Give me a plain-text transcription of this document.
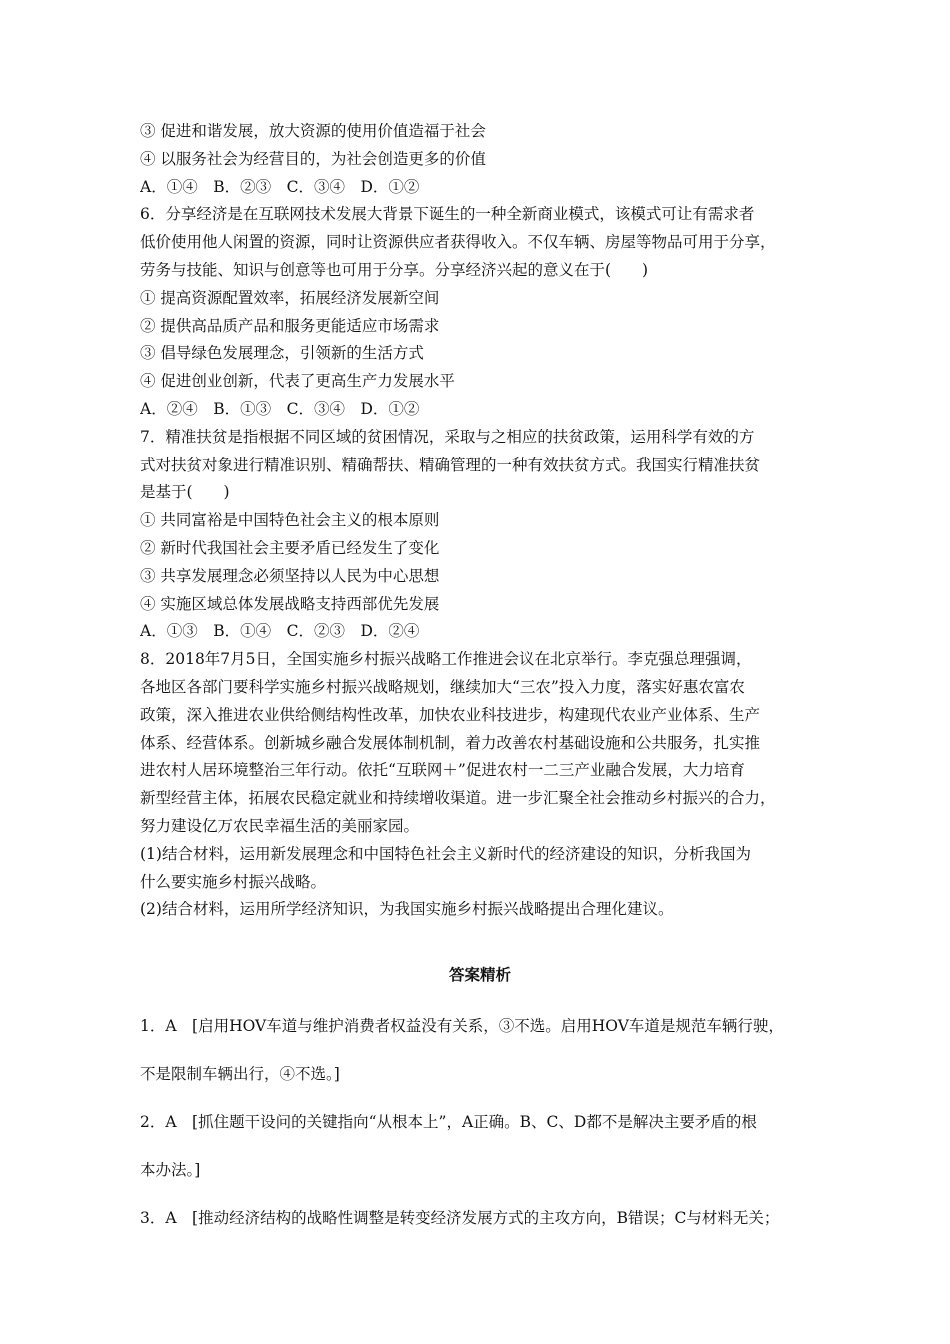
③ 促进和谐发展，放大资源的使用价值造福于社会
④ 以服务社会为经营目的，为社会创造更多的价值
A．①④　B．②③　C．③④　D．①②
6．分享经济是在互联网技术发展大背景下诞生的一种全新商业模式，该模式可让有需求者
低价使用他人闲置的资源，同时让资源供应者获得收入。不仅车辆、房屋等物品可用于分享，
劳务与技能、知识与创意等也可用于分享。分享经济兴起的意义在于(　　)
① 提高资源配置效率，拓展经济发展新空间
② 提供高品质产品和服务更能适应市场需求
③ 倡导绿色发展理念，引领新的生活方式
④ 促进创业创新，代表了更高生产力发展水平
A．②④　B．①③　C．③④　D．①②
7．精准扶贫是指根据不同区域的贫困情况，采取与之相应的扶贫政策，运用科学有效的方
式对扶贫对象进行精准识别、精确帮扶、精确管理的一种有效扶贫方式。我国实行精准扶贫
是基于(　　)
① 共同富裕是中国特色社会主义的根本原则
② 新时代我国社会主要矛盾已经发生了变化
③ 共享发展理念必须坚持以人民为中心思想
④ 实施区域总体发展战略支持西部优先发展
A．①③　B．①④　C．②③　D．②④
8．2018年7月5日，全国实施乡村振兴战略工作推进会议在北京举行。李克强总理强调，
各地区各部门要科学实施乡村振兴战略规划，继续加大“三农”投入力度，落实好惠农富农
政策，深入推进农业供给侧结构性改革，加快农业科技进步，构建现代农业产业体系、生产
体系、经营体系。创新城乡融合发展体制机制，着力改善农村基础设施和公共服务，扎实推
进农村人居环境整治三年行动。依托“互联网＋”促进农村一二三产业融合发展，大力培育
新型经营主体，拓展农民稳定就业和持续增收渠道。进一步汇聚全社会推动乡村振兴的合力，
努力建设亿万农民幸福生活的美丽家园。
(1)结合材料，运用新发展理念和中国特色社会主义新时代的经济建设的知识，分析我国为
什么要实施乡村振兴战略。
(2)结合材料，运用所学经济知识，为我国实施乡村振兴战略提出合理化建议。
答案精析
1．A　[启用HOV车道与维护消费者权益没有关系，③不选。启用HOV车道是规范车辆行驶，
不是限制车辆出行，④不选。]
2．A　[抓住题干设问的关键指向“从根本上”，A正确。B、C、D都不是解决主要矛盾的根
本办法。]
3．A　[推动经济结构的战略性调整是转变经济发展方式的主攻方向，B错误；C与材料无关；
